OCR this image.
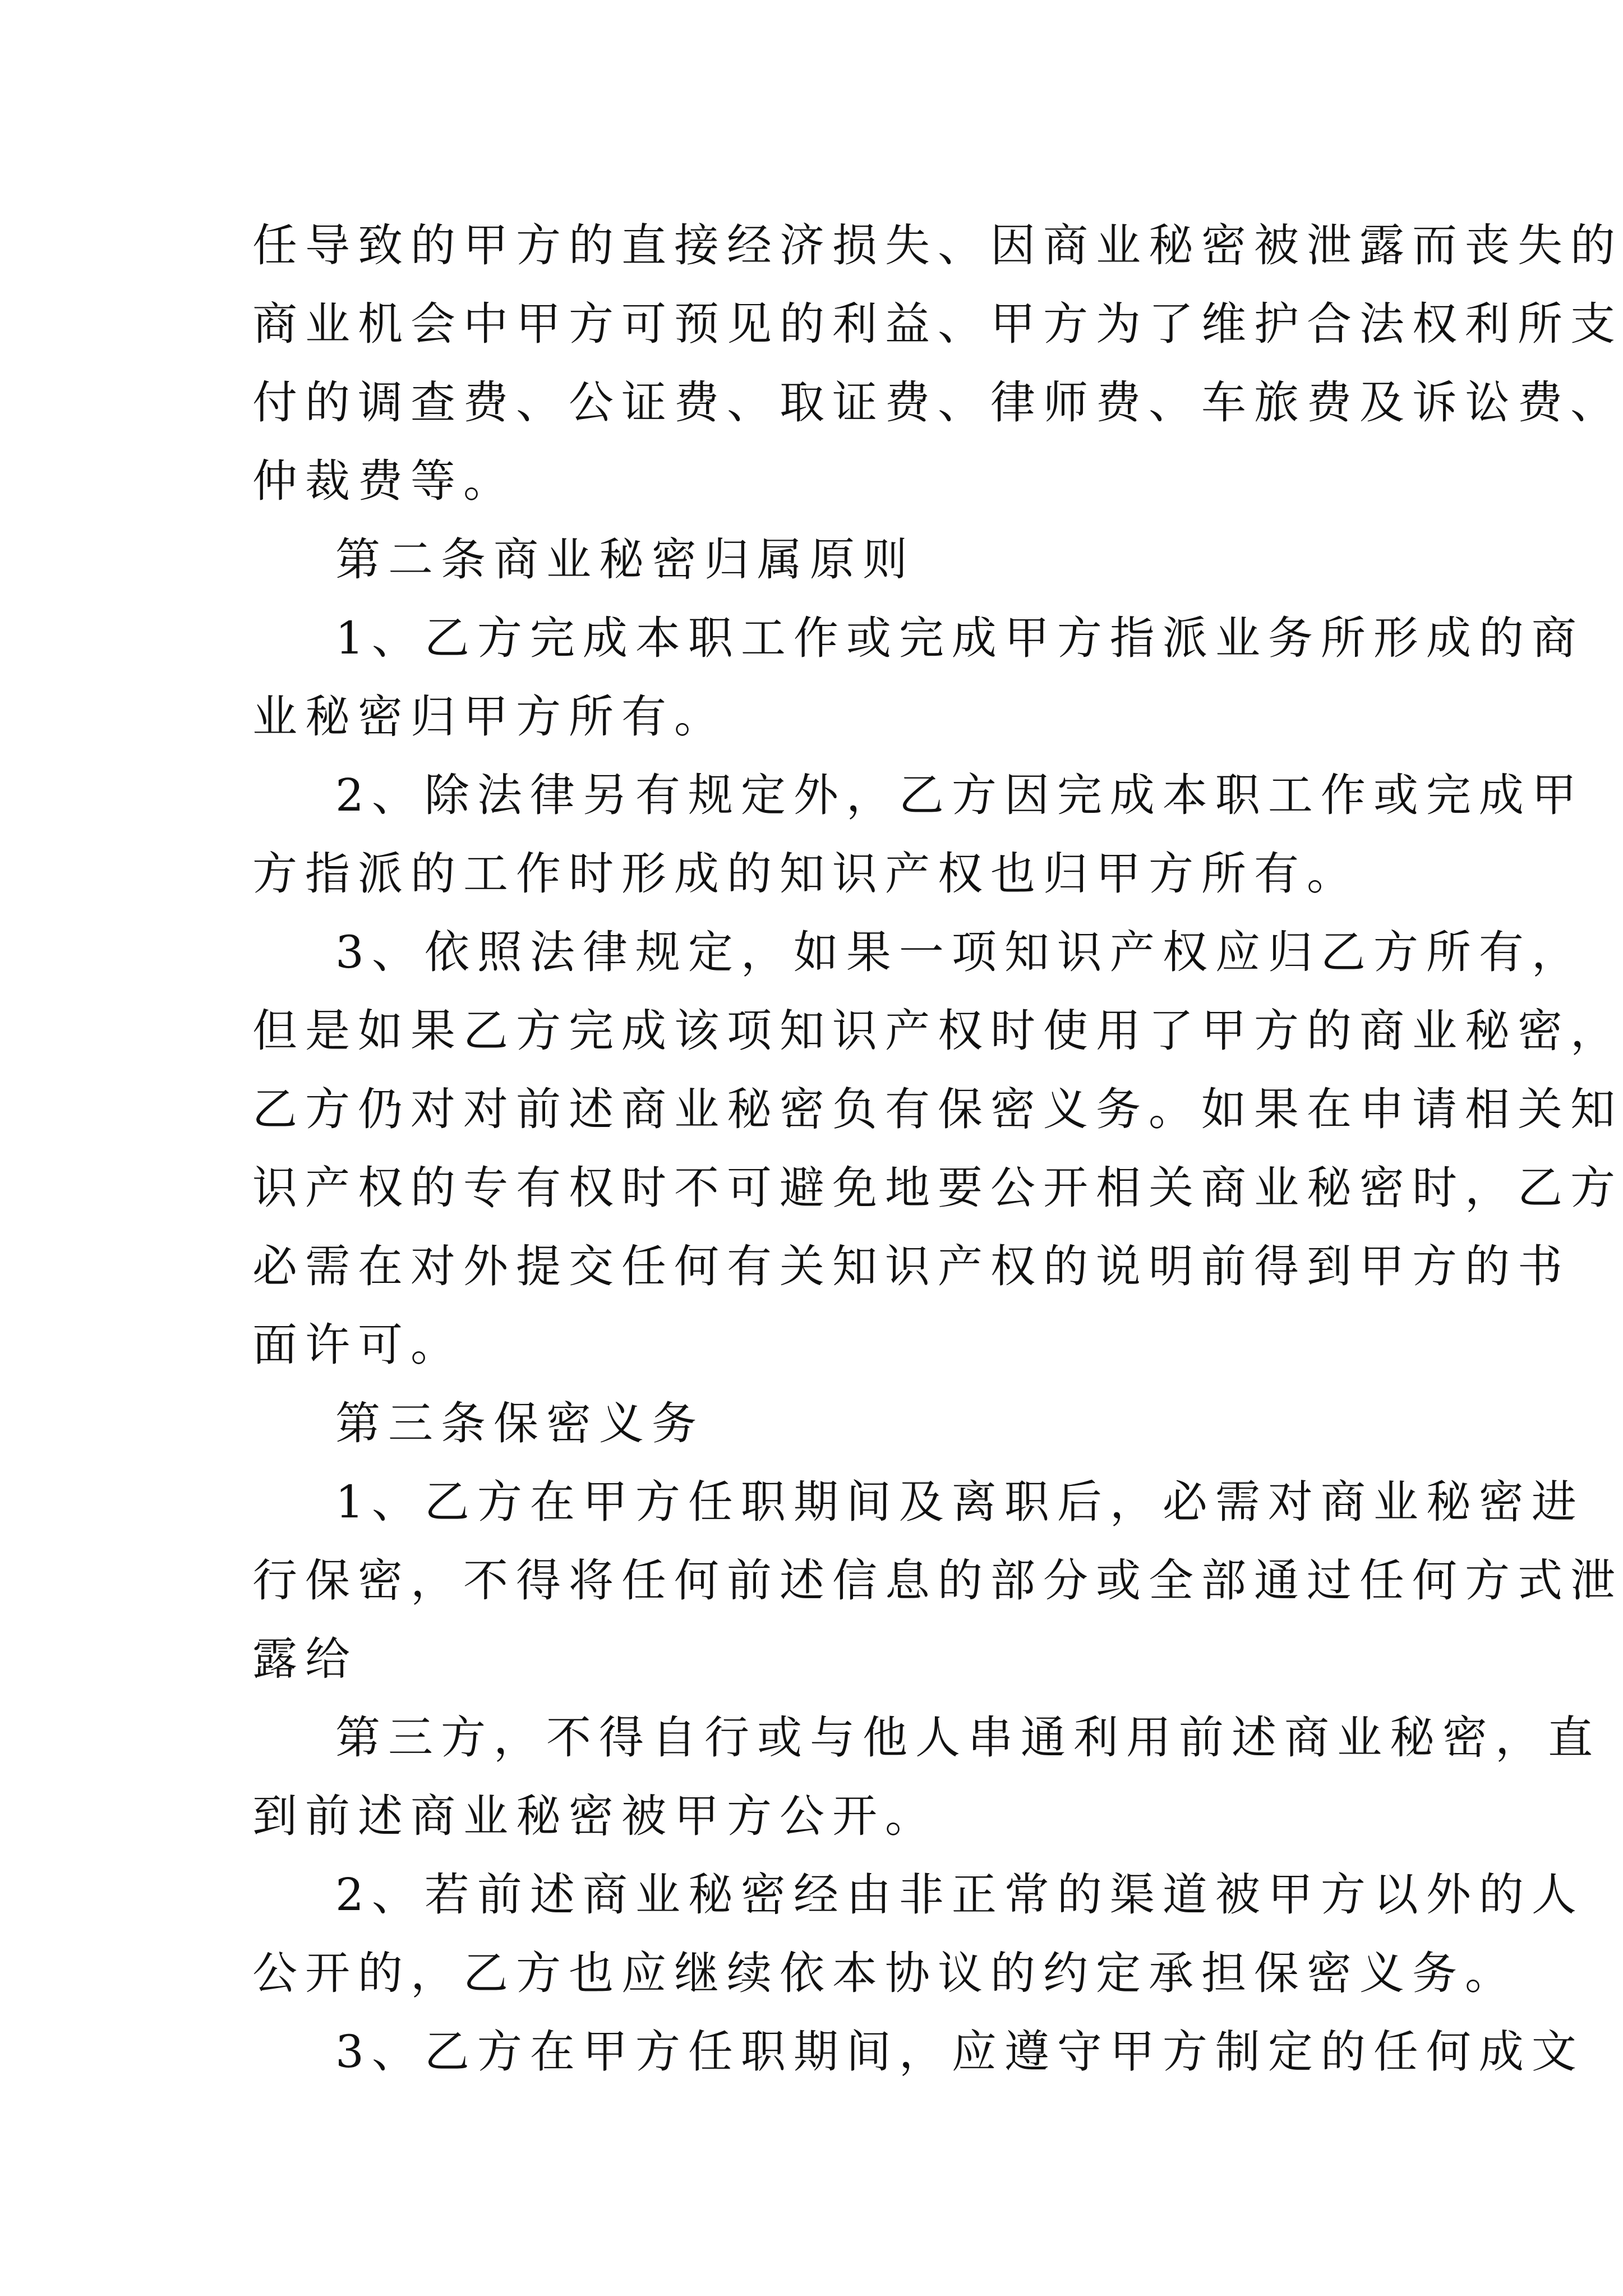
任导致的甲方的直接经济损失、因商业秘密被泄露而丧失的
商业机会中甲方可预见的利益、甲方为了维护合法权利所支
付的调查费、公证费、取证费、律师费、车旅费及诉讼费、
仲裁费等。
第二条商业秘密归属原则
1、乙方完成本职工作或完成甲方指派业务所形成的商
业秘密归甲方所有。
2、除法律另有规定外，乙方因完成本职工作或完成甲
方指派的工作时形成的知识产权也归甲方所有。
3、依照法律规定，如果一项知识产权应归乙方所有，
但是如果乙方完成该项知识产权时使用了甲方的商业秘密，
乙方仍对对前述商业秘密负有保密义务。如果在申请相关知
识产权的专有权时不可避免地要公开相关商业秘密时，乙方
必需在对外提交任何有关知识产权的说明前得到甲方的书
面许可。
第三条保密义务
1、乙方在甲方任职期间及离职后，必需对商业秘密进
行保密，不得将任何前述信息的部分或全部通过任何方式泄
露给
第三方，不得自行或与他人串通利用前述商业秘密，直
到前述商业秘密被甲方公开。
2、若前述商业秘密经由非正常的渠道被甲方以外的人
公开的，乙方也应继续依本协议的约定承担保密义务。
3、乙方在甲方任职期间，应遵守甲方制定的任何成文
